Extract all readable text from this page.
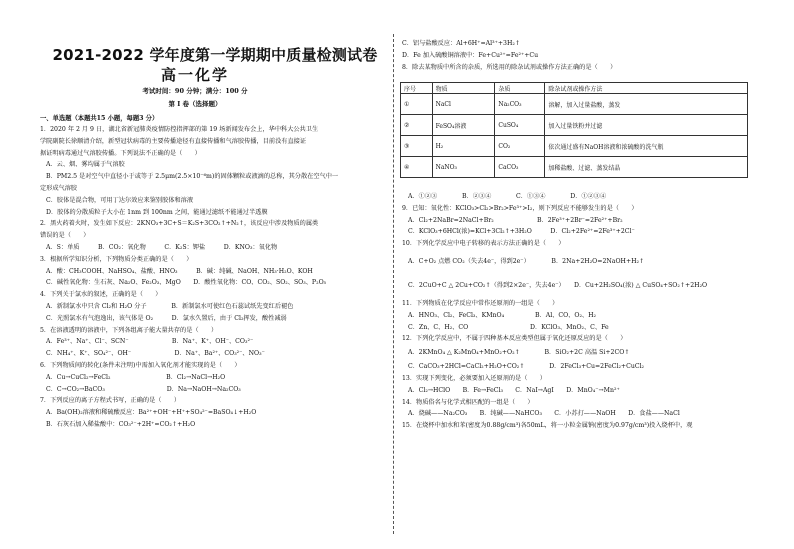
2021-2022 学年度第一学期期中质量检测试卷
高一化学
考试时间：90 分钟；满分：100 分
第 I 卷（选择题）
一、单选题（本题共15 小题，每题3 分）
1．2020 年 2 月 9 日，湖北省新冠肺炎疫情防控指挥部的第 19 场新闻发布会上，华中科大公共卫生
学院副院长徐顺清介绍，新型冠状病毒的主要传播途径有直接传播和气溶胶传播，目前没有直接证
据证明病毒通过气溶胶传播。下列说法不正确的是（　　）
A．云、烟、雾均属于气溶胶
B．PM2.5 是对空气中直径小于或等于 2.5μm(2.5×10⁻⁶m)的固体颗粒或液滴的总称，其分散在空气中一
定形成气溶胶
C．胶体是混合物，可用丁达尔效应来鉴别胶体和溶液
D．胶体的分散质粒子大小在 1nm 到 100nm 之间，能通过滤纸不能通过半透膜
2．黑火药着火时，发生如下反应：2KNO₃+3C+S＝K₂S+3CO₂↑+N₂↑，该反应中涉及物质的属类
错误的是（　　）
A．S：单质　　　B．CO₂：氧化物　　　C．K₂S：钾盐　　　D．KNO₃：氧化物
3．根据所学知识分析，下列物质分类正确的是（　　）
A．酸：CH₃COOH、NaHSO₄、盐酸、HNO₃　　　B．碱：纯碱、NaOH、NH₃·H₂O、KOH
C．碱性氧化物：生石灰、Na₂O、Fe₂O₃、MgO　　D．酸性氧化物：CO、CO₂、SO₂、SO₃、P₂O₅
4．下列关于氯水的叙述，正确的是（　　）
A．新制氯水中只含 Cl₂和 H₂O 分子　　　　B．新制氯水可使红色石蕊试纸先变红后褪色
C．光照氯水有气泡逸出，该气体是 O₂　　　D．氯水久置后，由于 Cl₂挥发，酸性减弱
5．在溶液透明的溶液中，下列各组离子能大量共存的是（　　）
A．Fe³⁺、Na⁺、Cl⁻、SCN⁻　　　　　　　B．Na⁺、K⁺、OH⁻、CO₃²⁻
C．NH₄⁺、K⁺、SO₄²⁻、OH⁻　　　　　　　D．Na⁺、Ba²⁺、CO₃²⁻、NO₃⁻
6．下列物质间的转化(条件未注明)中需加入氧化剂才能实现的是（　　）
A．Cu→CuCl₂→FeCl₂　　　　　　　　　B．Cl₂→NaCl→H₂O
C．C→CO₂→BaCO₃　　　　　　　　　　D．Na→NaOH→Na₂CO₃
7．下列反应的离子方程式书写，正确的是（　　）
A．Ba(OH)₂溶液和稀硫酸反应：Ba²⁺+OH⁻+H⁺+SO₄²⁻=BaSO₄↓+H₂O
B．石灰石加入稀盐酸中：CO₃²⁻+2H⁺=CO₂↑+H₂O
C．铝与盐酸反应：Al+6H⁺=Al³⁺+3H₂↑
D．Fe 加入硫酸铜溶液中：Fe+Cu²⁺=Fe²⁺+Cu
8．除去某物质中所含的杂质，所选用的除杂试剂或操作方法正确的是（　　）
序号	物质	杂质	除杂试剂或操作方法
①	NaCl	Na₂CO₃	溶解，加入过量盐酸，蒸发
②	FeSO₄溶液	CuSO₄	加入过量铁粉并过滤
③	H₂	CO₂	依次通过盛有NaOH溶液和浓硫酸的洗气瓶
④	NaNO₃	CaCO₃	加稀盐酸、过滤、蒸发结晶
A．①②③　　　　B．②③④　　　　C．①③④　　　　D．①②③④
9．已知：氧化性：KClO₃>Cl₂>Br₂>Fe³⁺>I₂，则下列反应不能够发生的是（　　）
A．Cl₂+2NaBr=2NaCl+Br₂　　　　　　　B．2Fe³⁺+2Br⁻=2Fe²⁺+Br₂
C．KClO₃+6HCl(浓)=KCl+3Cl₂↑+3H₂O　　　D．Cl₂+2Fe²⁺=2Fe³⁺+2Cl⁻
10．下列化学反应中电子转移的表示方法正确的是（　　）
A．C+O₂ 点燃 CO₂（失去4e⁻，得到2e⁻）　　　　B．2Na+2H₂O=2NaOH+H₂↑
C．2CuO+C △ 2Cu+CO₂↑（得到2×2e⁻，失去4e⁻）　　D．Cu+2H₂SO₄(浓) △ CuSO₄+SO₂↑+2H₂O
11．下列物质在化学反应中常作还原剂的一组是（　　）
A．HNO₃、Cl₂、FeCl₃、KMnO₄　　　　　B．Al、CO、O₂、H₂
C．Zn、C、H₂、CO　　　　　　　　　　D．KClO₃、MnO₂、C、Fe
12．下列化学反应中，不属于四种基本反应类型但属于氧化还原反应的是（　　）
A．2KMnO₄ △ K₂MnO₄+MnO₂+O₂↑　　　　B．SiO₂+2C 高温 Si+2CO↑
C．CaCO₃+2HCl=CaCl₂+H₂O+CO₂↑　　　　D．2FeCl₃+Cu=2FeCl₂+CuCl₂
13．实现下列变化，必须要加入还原剂的是（　　）
A．Cl₂→HClO　　B．Fe→FeCl₃　　C．NaI→AgI　　D．MnO₄⁻→Mn²⁺
14．物质俗名与化学式相匹配的一组是（　　）
A．烧碱——Na₂CO₃　　B．纯碱——NaHCO₃　　C．小苏打——NaOH　　D．食盐——NaCl
15．在烧杯中加水和苯(密度为0.88g/cm³)各50mL，将一小粒金属钠(密度为0.97g/cm³)投入烧杯中，观
